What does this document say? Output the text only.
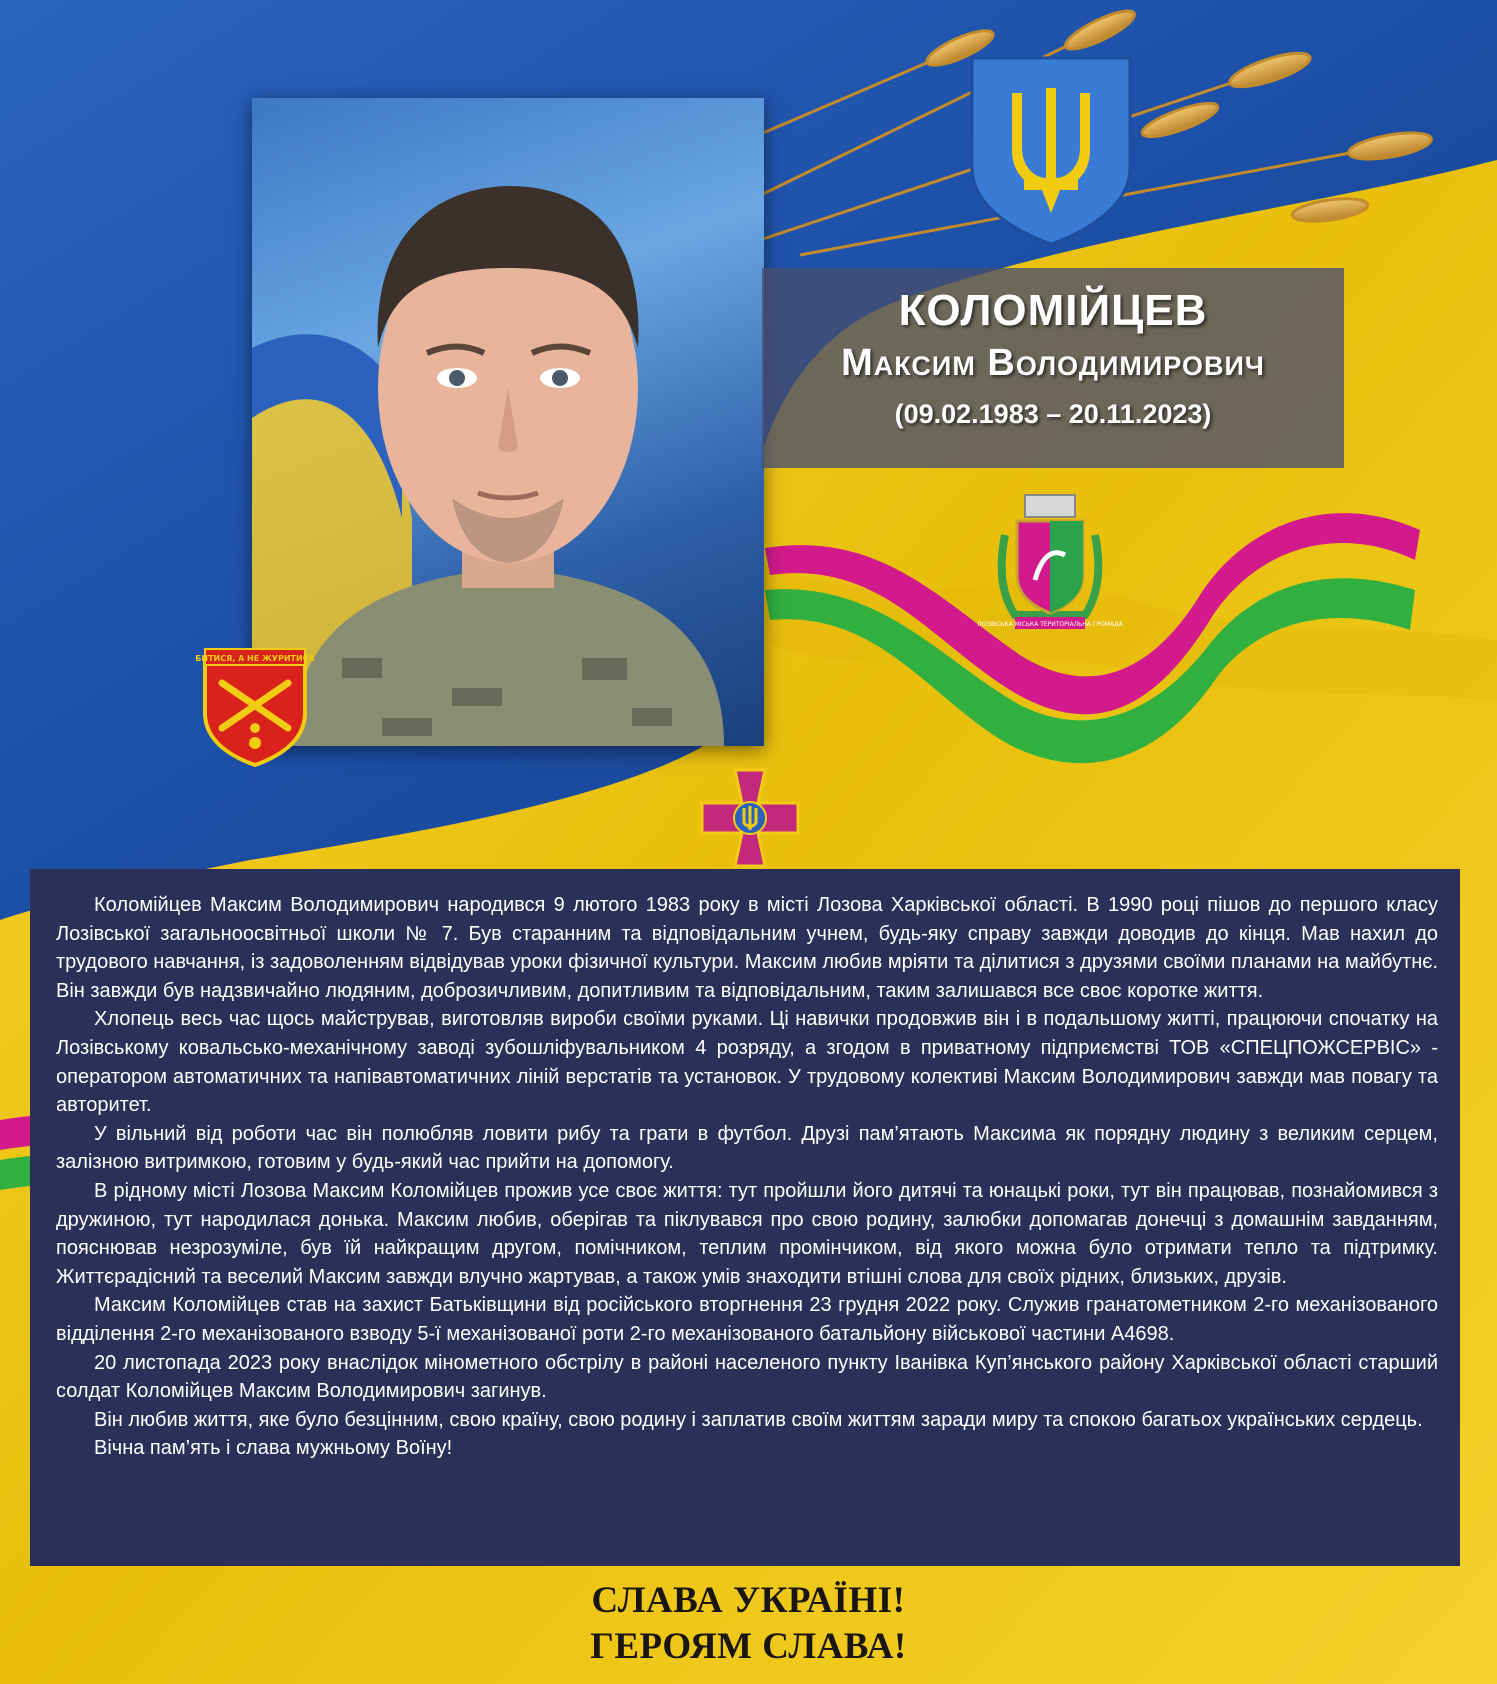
КОЛОМІЙЦЕВ
Максим Володимирович
(09.02.1983 – 20.11.2023)
ЛОЗІВСЬКА МІСЬКА ТЕРИТОРІАЛЬНА ГРОМАДА
БИТИСЯ, А НЕ ЖУРИТИСЯ

Коломійцев Максим Володимирович народився 9 лютого 1983 року в місті Лозова Харківської області. В 1990 році пішов до першого класу Лозівської загальноосвітньої школи № 7. Був старанним та відповідальним учнем, будь-яку справу завжди доводив до кінця. Мав нахил до трудового навчання, із задоволенням відвідував уроки фізичної культури. Максим любив мріяти та ділитися з друзями своїми планами на майбутнє. Він завжди був надзвичайно людяним, доброзичливим, допитливим та відповідальним, таким залишався все своє коротке життя.

Хлопець весь час щось майстрував, виготовляв вироби своїми руками. Ці навички продовжив він і в подальшому житті, працюючи спочатку на Лозівському ковальсько-механічному заводі зубошліфувальником 4 розряду, а згодом в приватному підприємстві ТОВ «СПЕЦПОЖСЕРВІС» - оператором автоматичних та напівавтоматичних ліній верстатів та установок. У трудовому колективі Максим Володимирович завжди мав повагу та авторитет.

У вільний від роботи час він полюбляв ловити рибу та грати в футбол. Друзі пам’ятають Максима як порядну людину з великим серцем, залізною витримкою, готовим у будь-який час прийти на допомогу.

В рідному місті Лозова Максим Коломійцев прожив усе своє життя: тут пройшли його дитячі та юнацькі роки, тут він працював, познайомився з дружиною, тут народилася донька. Максим любив, оберігав та піклувався про свою родину, залюбки допомагав донечці з домашнім завданням, пояснював незрозуміле, був їй найкращим другом, помічником, теплим промінчиком, від якого можна було отримати тепло та підтримку. Життєрадісний та веселий Максим завжди влучно жартував, а також умів знаходити втішні слова для своїх рідних, близьких, друзів.

Максим Коломійцев став на захист Батьківщини від російського вторгнення 23 грудня 2022 року. Служив гранатометником 2-го механізованого відділення 2-го механізованого взводу 5-ї механізованої роти 2-го механізованого батальйону військової частини А4698.

20 листопада 2023 року внаслідок мінометного обстрілу в районі населеного пункту Іванівка Куп’янського району Харківської області старший солдат Коломійцев Максим Володимирович загинув.

Він любив життя, яке було безцінним, свою країну, свою родину і заплатив своїм життям заради миру та спокою багатьох українських сердець.

Вічна пам’ять і слава мужньому Воїну!

СЛАВА УКРАЇНІ!
ГЕРОЯМ СЛАВА!
